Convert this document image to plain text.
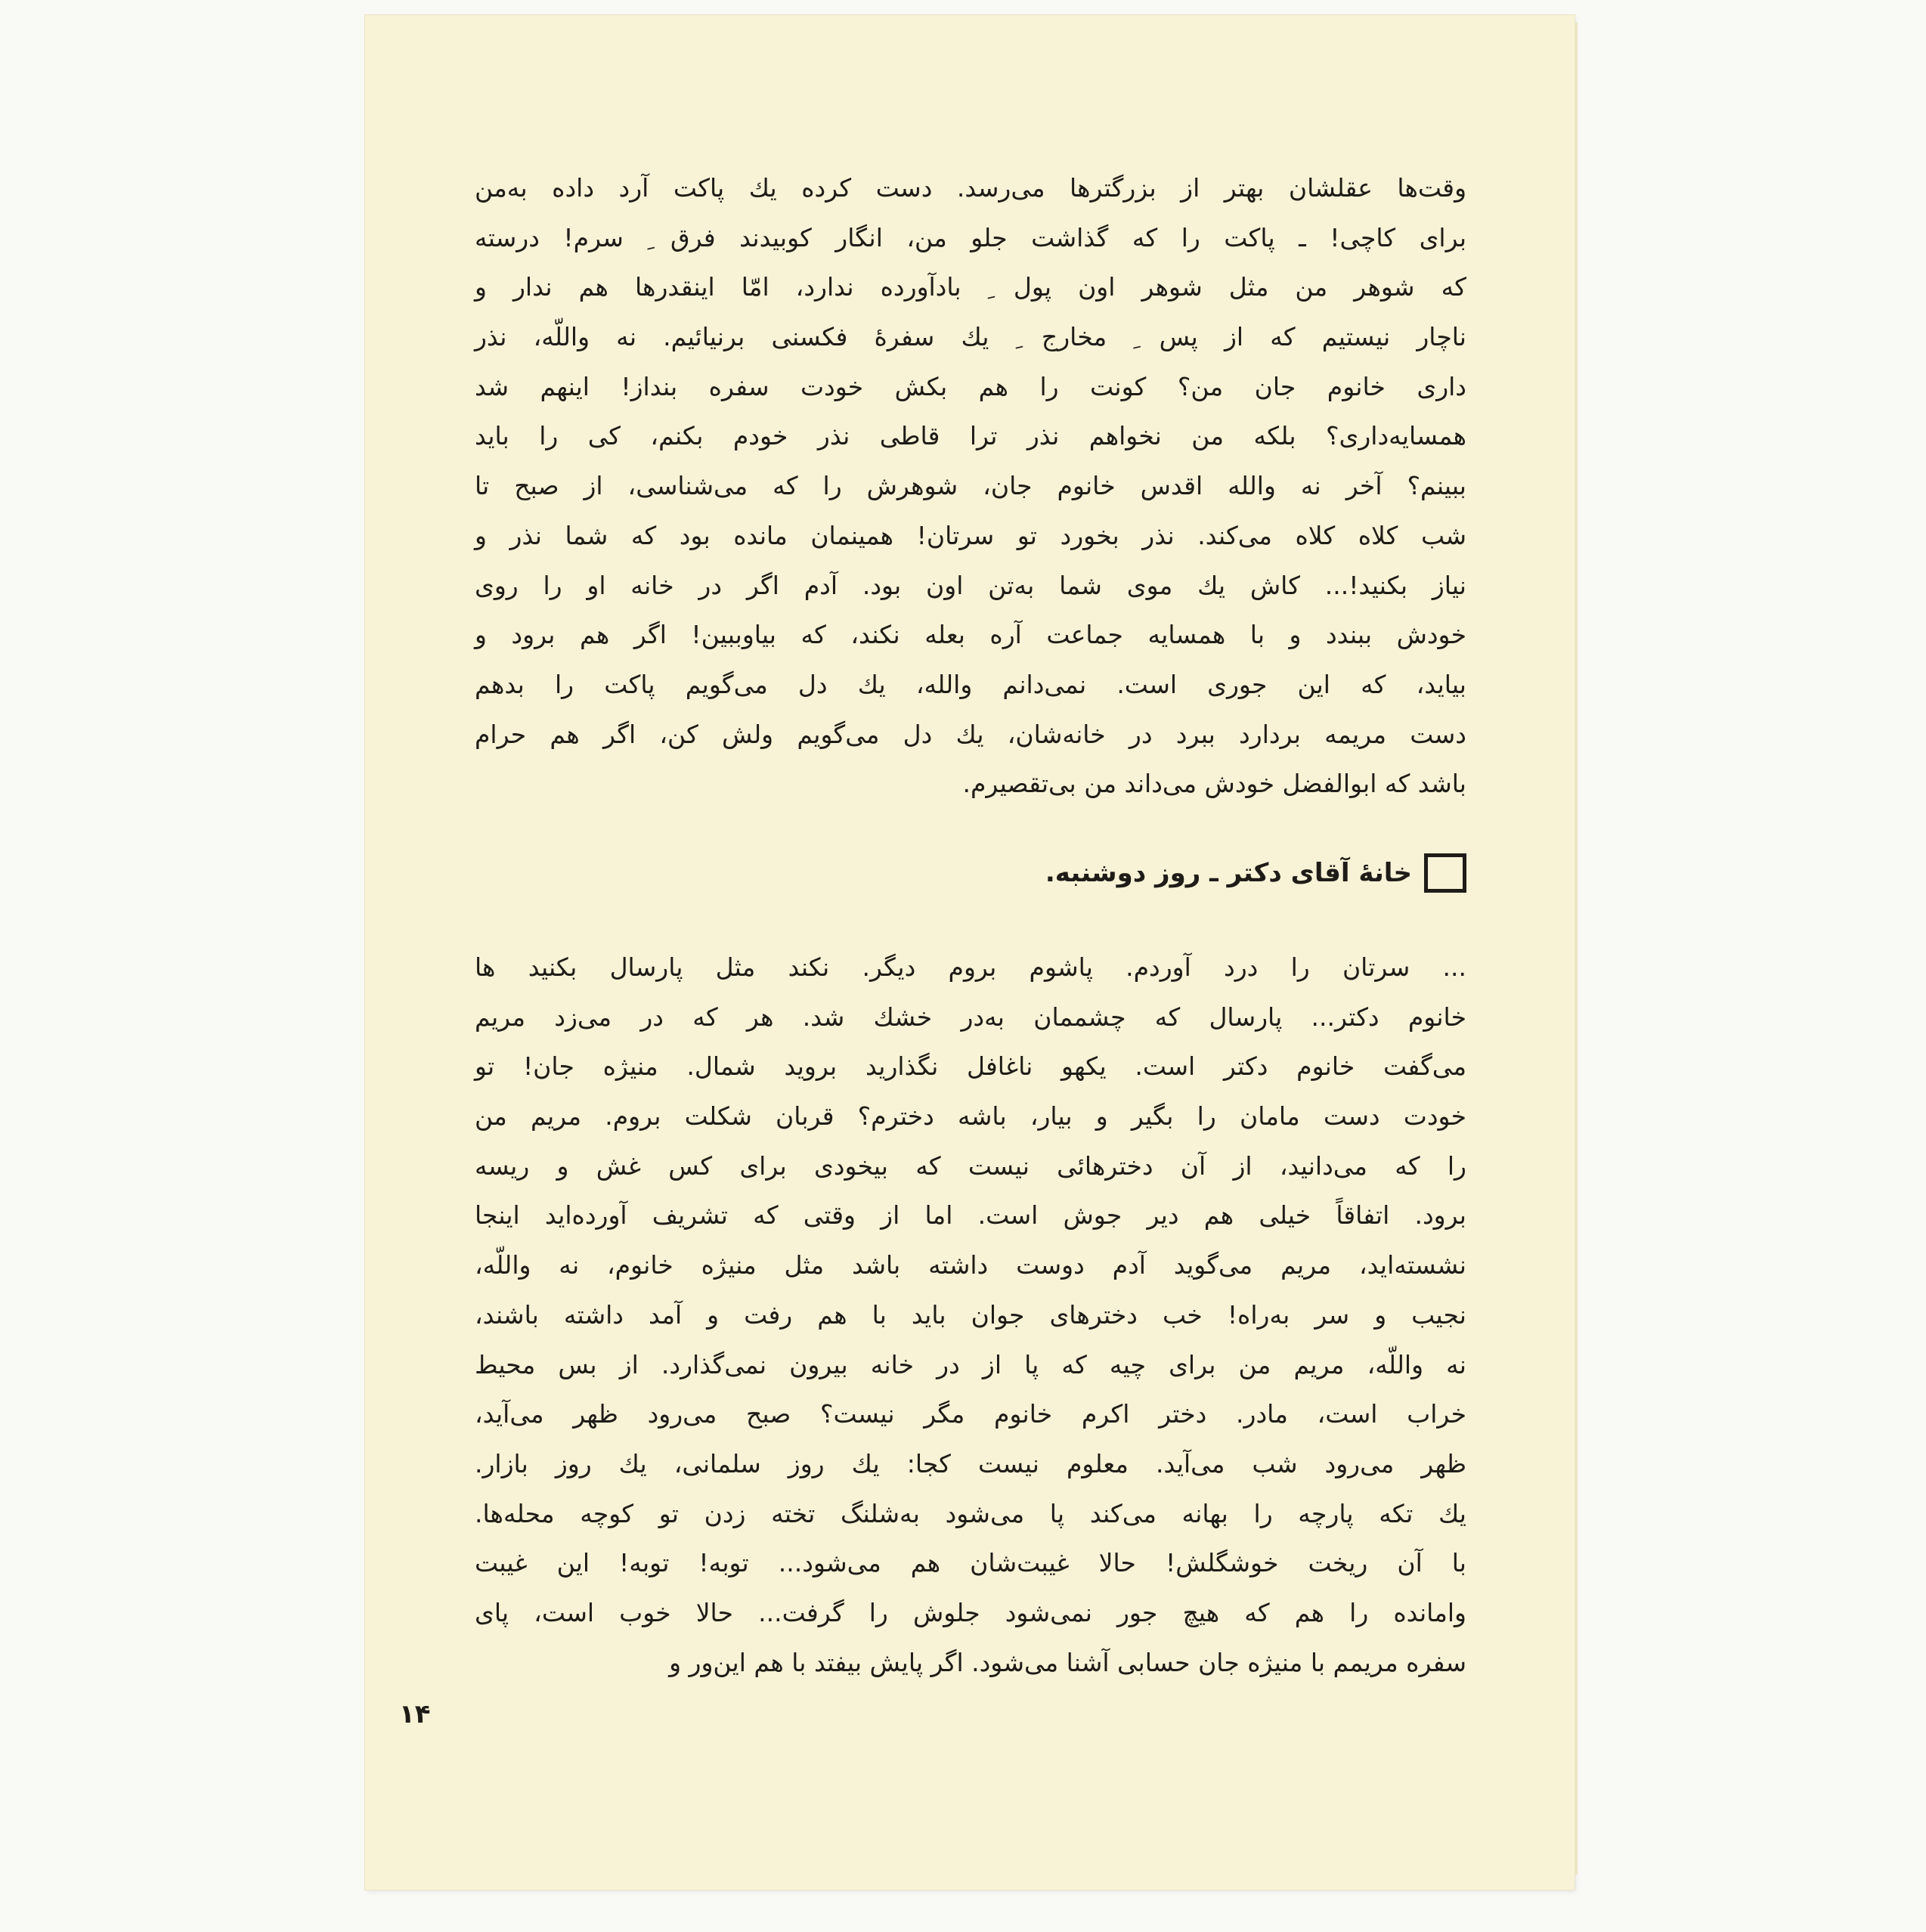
وقت‌ها عقلشان بهتر از بزرگترها می‌رسد. دست کرده یك پاکت آرد داده به‌من
برای کاچی! ـ پاکت را که گذاشت جلو من، انگار کوبیدند فرق ِ سرم! درسته
که شوهر من مثل شوهر اون پول ِ بادآورده ندارد، امّا اینقدرها هم ندار و
ناچار نیستیم که از پس ِ مخارج ِ یك سفرهٔ فکسنی برنیائیم. نه واللّه، نذر
داری خانوم جان من؟ کونت را هم بکش خودت سفره بنداز! اینهم شد
همسایه‌داری؟ بلکه من نخواهم نذر ترا قاطی نذر خودم بکنم، کی را باید
ببینم؟ آخر نه والله اقدس خانوم جان، شوهرش را که می‌شناسی، از صبح تا
شب کلاه کلاه می‌کند. نذر بخورد تو سرتان! همینمان مانده بود که شما نذر و
نیاز بکنید!... کاش یك موی شما به‌تن اون بود. آدم اگر در خانه او را روی
خودش ببندد و با همسایه جماعت آره بعله نکند، که بیاوببین! اگر هم برود و
بیاید، که این جوری است. نمی‌دانم والله، یك دل می‌گویم پاکت را بدهم
دست مریمه بردارد ببرد در خانه‌شان، یك دل می‌گویم ولش کن، اگر هم حرام
باشد که ابوالفضل خودش می‌داند من بی‌تقصیرم.
خانهٔ آقای دکتر ـ روز دوشنبه.
... سرتان را درد آوردم. پاشوم بروم دیگر. نکند مثل پارسال بکنید ها
خانوم دکتر... پارسال که چشممان به‌در خشك شد. هر که در می‌زد مریم
می‌گفت خانوم دکتر است. یکهو ناغافل نگذارید بروید شمال. منیژه جان! تو
خودت دست مامان را بگیر و بیار، باشه دخترم؟ قربان شکلت بروم. مریم من
را که می‌دانید، از آن دخترهائی نیست که بیخودی برای کس غش و ریسه
برود. اتفاقاً خیلی هم دیر جوش است. اما از وقتی که تشریف آورده‌اید اینجا
نشسته‌اید، مریم می‌گوید آدم دوست داشته باشد مثل منیژه خانوم، نه واللّه،
نجیب و سر به‌راه! خب دخترهای جوان باید با هم رفت و آمد داشته باشند،
نه واللّه، مریم من برای چیه که پا از در خانه بیرون نمی‌گذارد. از بس محیط
خراب است، مادر. دختر اکرم خانوم مگر نیست؟ صبح می‌رود ظهر می‌آید،
ظهر می‌رود شب می‌آید. معلوم نیست کجا: یك روز سلمانی، یك روز بازار.
یك تکه پارچه را بهانه می‌کند پا می‌شود به‌شلنگ تخته زدن تو کوچه محله‌ها.
با آن ریخت خوشگلش! حالا غیبت‌شان هم می‌شود... توبه! توبه! این غیبت
وامانده را هم که هیچ جور نمی‌شود جلوش را گرفت... حالا خوب است، پای
سفره مریمم با منیژه جان حسابی آشنا می‌شود. اگر پایش بیفتد با هم این‌ور و
۱۴
